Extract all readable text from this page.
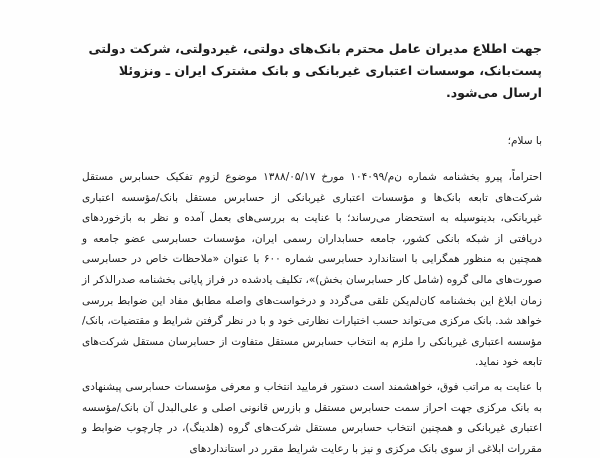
جهت اطلاع مدیران عامل محترم بانک‌های دولتی، غیردولتی، شرکت دولتی پست‌بانک، موسسات اعتباری غیربانکی و بانک مشترک ایران ـ ونزوئلا ارسال می‌شود.

با سلام؛

احتراماً، پیرو بخشنامه شماره ن‌م/۱۰۴۰۹۹ مورخ ۱۳۸۸/۰۵/۱۷ موضوع لزوم تفکیک حسابرس مستقل شرکت‌های تابعه بانک‌ها و مؤسسات اعتباری غیربانکی از حسابرس مستقل بانک/مؤسسه اعتباری غیربانکی، بدینوسیله به استحضار می‌رساند؛ با عنایت به بررسی‌های بعمل آمده و نظر به بازخوردهای دریافتی از شبکه بانکی کشور، جامعه حسابداران رسمی ایران، مؤسسات حسابرسی عضو جامعه و همچنین به منظور همگرایی با استاندارد حسابرسی شماره ۶۰۰ با عنوان «ملاحظات خاص در حسابرسی صورت‌های مالی گروه (شامل کار حسابرسان بخش)»، تکلیف یادشده در فراز پایانی بخشنامه صدرالذکر از زمان ابلاغ این بخشنامه کان‌لم‌یکن تلقی می‌گردد و درخواست‌های واصله مطابق مفاد این ضوابط بررسی خواهد شد. بانک مرکزی می‌تواند حسب اختیارات نظارتی خود و با در نظر گرفتن شرایط و مقتضیات، بانک/مؤسسه اعتباری غیربانکی را ملزم به انتخاب حسابرس مستقل متفاوت از حسابرسان مستقل شرکت‌های تابعه خود نماید.

با عنایت به مراتب فوق، خواهشمند است دستور فرمایید انتخاب و معرفی مؤسسات حسابرسی پیشنهادی به بانک مرکزی جهت احراز سمت حسابرس مستقل و بازرس قانونی اصلی و علی‌البدل آن بانک/مؤسسه اعتباری غیربانکی و همچنین انتخاب حسابرس مستقل شرکت‌های گروه (هلدینگ)، در چارچوب ضوابط و مقررات ابلاغی از سوی بانک مرکزی و نیز با رعایت شرایط مقرر در استانداردهای
